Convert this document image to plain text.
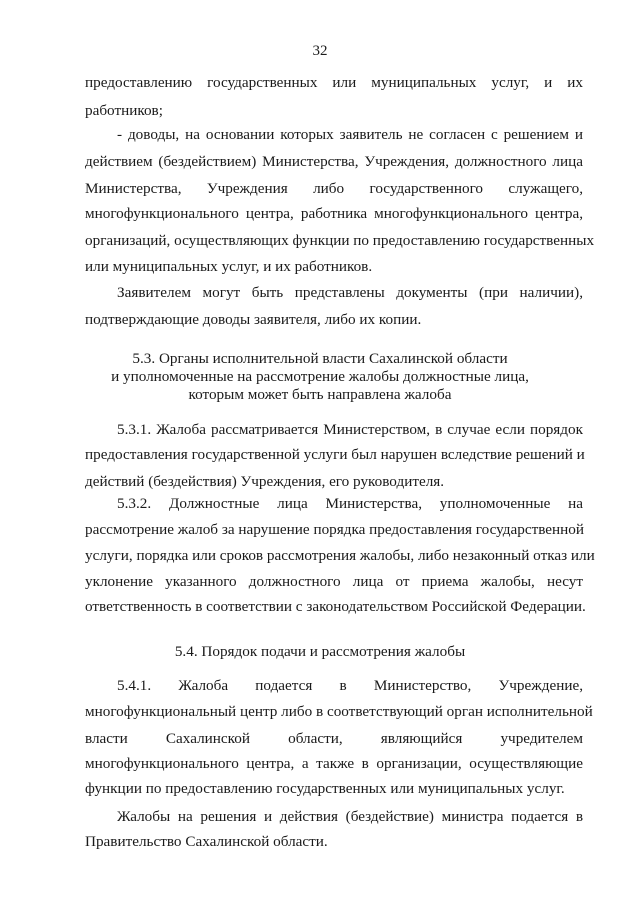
32
предоставлению государственных или муниципальных услуг, и их
работников;
- доводы, на основании которых заявитель не согласен с решением и
действием (бездействием) Министерства, Учреждения, должностного лица
Министерства, Учреждения либо государственного служащего,
многофункционального центра, работника многофункционального центра,
организаций, осуществляющих функции по предоставлению государственных
или муниципальных услуг, и их работников.
Заявителем могут быть представлены документы (при наличии),
подтверждающие доводы заявителя, либо их копии.
5.3. Органы исполнительной власти Сахалинской области
и уполномоченные на рассмотрение жалобы должностные лица,
которым может быть направлена жалоба
5.3.1. Жалоба рассматривается Министерством, в случае если порядок
предоставления государственной услуги был нарушен вследствие решений и
действий (бездействия) Учреждения, его руководителя.
5.3.2. Должностные лица Министерства, уполномоченные на
рассмотрение жалоб за нарушение порядка предоставления государственной
услуги, порядка или сроков рассмотрения жалобы, либо незаконный отказ или
уклонение указанного должностного лица от приема жалобы, несут
ответственность в соответствии с законодательством Российской Федерации.
5.4. Порядок подачи и рассмотрения жалобы
5.4.1. Жалоба подается в Министерство, Учреждение,
многофункциональный центр либо в соответствующий орган исполнительной
власти Сахалинской области, являющийся учредителем
многофункционального центра, а также в организации, осуществляющие
функции по предоставлению государственных или муниципальных услуг.
Жалобы на решения и действия (бездействие) министра подается в
Правительство Сахалинской области.
